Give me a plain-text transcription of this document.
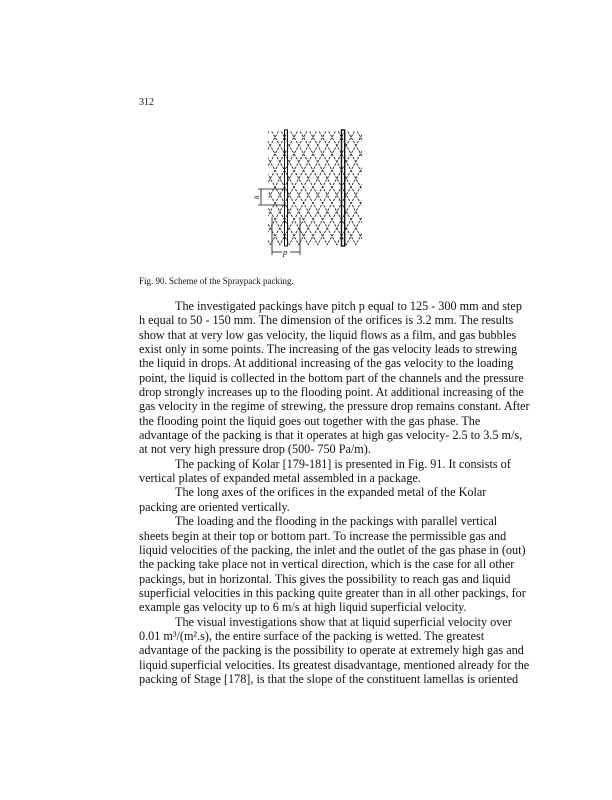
312
h
p
Fig. 90. Scheme of the Spraypack packing.
The investigated packings have pitch p equal to 125 - 300 mm and step
h equal to 50 - 150 mm. The dimension of the orifices is 3.2 mm. The results
show that at very low gas velocity, the liquid flows as a film, and gas bubbles
exist only in some points. The increasing of the gas velocity leads to strewing
the liquid in drops. At additional increasing of the gas velocity to the loading
point, the liquid is collected in the bottom part of the channels and the pressure
drop strongly increases up to the flooding point. At additional increasing of the
gas velocity in the regime of strewing, the pressure drop remains constant. After
the flooding point the liquid goes out together with the gas phase. The
advantage of the packing is that it operates at high gas velocity- 2.5 to 3.5 m/s,
at not very high pressure drop (500- 750 Pa/m).
The packing of Kolar [179-181] is presented in Fig. 91. It consists of
vertical plates of expanded metal assembled in a package.
The long axes of the orifices in the expanded metal of the Kolar
packing are oriented vertically.
The loading and the flooding in the packings with parallel vertical
sheets begin at their top or bottom part. To increase the permissible gas and
liquid velocities of the packing, the inlet and the outlet of the gas phase in (out)
the packing take place not in vertical direction, which is the case for all other
packings, but in horizontal. This gives the possibility to reach gas and liquid
superficial velocities in this packing quite greater than in all other packings, for
example gas velocity up to 6 m/s at high liquid superficial velocity.
The visual investigations show that at liquid superficial velocity over
0.01 m³/(m².s), the entire surface of the packing is wetted. The greatest
advantage of the packing is the possibility to operate at extremely high gas and
liquid superficial velocities. Its greatest disadvantage, mentioned already for the
packing of Stage [178], is that the slope of the constituent lamellas is oriented
